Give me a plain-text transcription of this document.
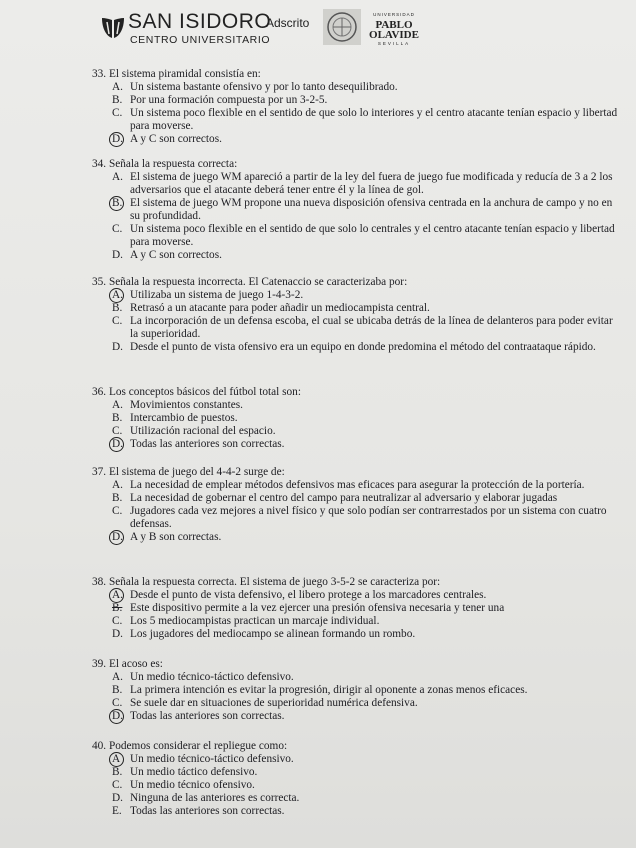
SAN ISIDORO
CENTRO UNIVERSITARIO
Adscrito
UNIVERSIDAD
PABLO
OLAVIDE
SEVILLA
33. El sistema piramidal consistía en:
A. Un sistema bastante ofensivo y por lo tanto desequilibrado.
B. Por una formación compuesta por un 3-2-5.
C. Un sistema poco flexible en el sentido de que solo lo interiores y el centro atacante tenían espacio y libertad para moverse.
D. A y C son correctos.
34. Señala la respuesta correcta:
A. El sistema de juego WM apareció a partir de la ley del fuera de juego fue modificada y reducía de 3 a 2 los adversarios que el atacante deberá tener entre él y la línea de gol.
B. El sistema de juego WM propone una nueva disposición ofensiva centrada en la anchura de campo y no en su profundidad.
C. Un sistema poco flexible en el sentido de que solo lo centrales y el centro atacante tenían espacio y libertad para moverse.
D. A y C son correctos.
35. Señala la respuesta incorrecta. El Catenaccio se caracterizaba por:
A. Utilizaba un sistema de juego 1-4-3-2.
B. Retrasó a un atacante para poder añadir un mediocampista central.
C. La incorporación de un defensa escoba, el cual se ubicaba detrás de la línea de delanteros para poder evitar la superioridad.
D. Desde el punto de vista ofensivo era un equipo en donde predomina el método del contraataque rápido.
36. Los conceptos básicos del fútbol total son:
A. Movimientos constantes.
B. Intercambio de puestos.
C. Utilización racional del espacio.
D. Todas las anteriores son correctas.
37. El sistema de juego del 4-4-2 surge de:
A. La necesidad de emplear métodos defensivos mas eficaces para asegurar la protección de la portería.
B. La necesidad de gobernar el centro del campo para neutralizar al adversario y elaborar jugadas
C. Jugadores cada vez mejores a nivel físico y que solo podían ser contrarrestados por un sistema con cuatro defensas.
D. A y B son correctas.
38. Señala la respuesta correcta. El sistema de juego 3-5-2 se caracteriza por:
A. Desde el punto de vista defensivo, el libero protege a los marcadores centrales.
B. Este dispositivo permite a la vez ejercer una presión ofensiva necesaria y tener una
C. Los 5 mediocampistas practican un marcaje individual.
D. Los jugadores del mediocampo se alinean formando un rombo.
39. El acoso es:
A. Un medio técnico-táctico defensivo.
B. La primera intención es evitar la progresión, dirigir al oponente a zonas menos eficaces.
C. Se suele dar en situaciones de superioridad numérica defensiva.
D. Todas las anteriores son correctas.
40. Podemos considerar el repliegue como:
A Un medio técnico-táctico defensivo.
B. Un medio táctico defensivo.
C. Un medio técnico ofensivo.
D. Ninguna de las anteriores es correcta.
E. Todas las anteriores son correctas.
